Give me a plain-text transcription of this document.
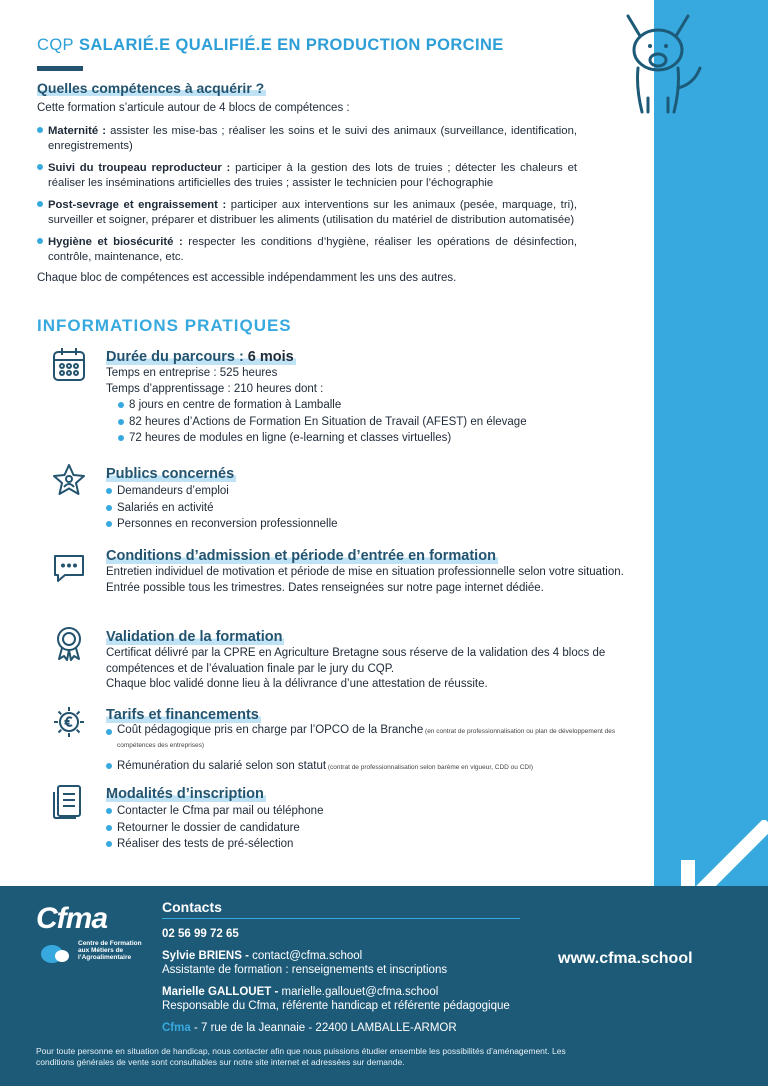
CQP SALARIÉ.E QUALIFIÉ.E EN PRODUCTION PORCINE
Quelles compétences à acquérir ?

Cette formation s’articule autour de 4 blocs de compétences :

Maternité : assister les mise-bas ; réaliser les soins et le suivi des animaux (surveillance, identification, enregistrements)
Suivi du troupeau reproducteur : participer à la gestion des lots de truies ; détecter les chaleurs et réaliser les inséminations artificielles des truies ; assister le technicien pour l’échographie
Post-sevrage et engraissement : participer aux interventions sur les animaux (pesée, marquage, tri), surveiller et soigner, préparer et distribuer les aliments (utilisation du matériel de distribution automatisée)
Hygiène et biosécurité : respecter les conditions d’hygiène, réaliser les opérations de désinfection, contrôle, maintenance, etc.

Chaque bloc de compétences est accessible indépendamment les uns des autres.

INFORMATIONS PRATIQUES
Durée du parcours : 6 mois

Temps en entreprise : 525 heures

Temps d’apprentissage : 210 heures dont :

8 jours en centre de formation à Lamballe
82 heures d’Actions de Formation En Situation de Travail (AFEST) en élevage
72 heures de modules en ligne (e-learning et classes virtuelles)
Publics concernés
Demandeurs d’emploi
Salariés en activité
Personnes en reconversion professionnelle
Conditions d’admission et période d’entrée en formation

Entretien individuel de motivation et période de mise en situation professionnelle selon votre situation. Entrée possible tous les trimestres. Dates renseignées sur notre page internet dédiée.

Validation de la formation

Certificat délivré par la CPRE en Agriculture Bretagne sous réserve de la validation des 4 blocs de compétences et de l’évaluation finale par le jury du CQP.

Chaque bloc validé donne lieu à la délivrance d’une attestation de réussite.

Tarifs et financements
Coût pédagogique pris en charge par l’OPCO de la Branche (en contrat de professionnalisation ou plan de développement des compétences des entreprises)
Rémunération du salarié selon son statut (contrat de professionnalisation selon barème en vigueur, CDD ou CDI)
Modalités d’inscription
Contacter le Cfma par mail ou téléphone
Retourner le dossier de candidature
Réaliser des tests de pré-sélection
Cfma
Centre de Formation aux Métiers de l’Agroalimentaire
Contacts

02 56 99 72 65

Sylvie BRIENS - contact@cfma.school
Assistante de formation : renseignements et inscriptions

Marielle GALLOUET - marielle.gallouet@cfma.school
Responsable du Cfma, référente handicap et référente pédagogique

Cfma - 7 rue de la Jeannaie - 22400 LAMBALLE-ARMOR

www.cfma.school
Pour toute personne en situation de handicap, nous contacter afin que nous puissions étudier ensemble les possibilités d’aménagement. Les conditions générales de vente sont consultables sur notre site internet et adressées sur demande.
